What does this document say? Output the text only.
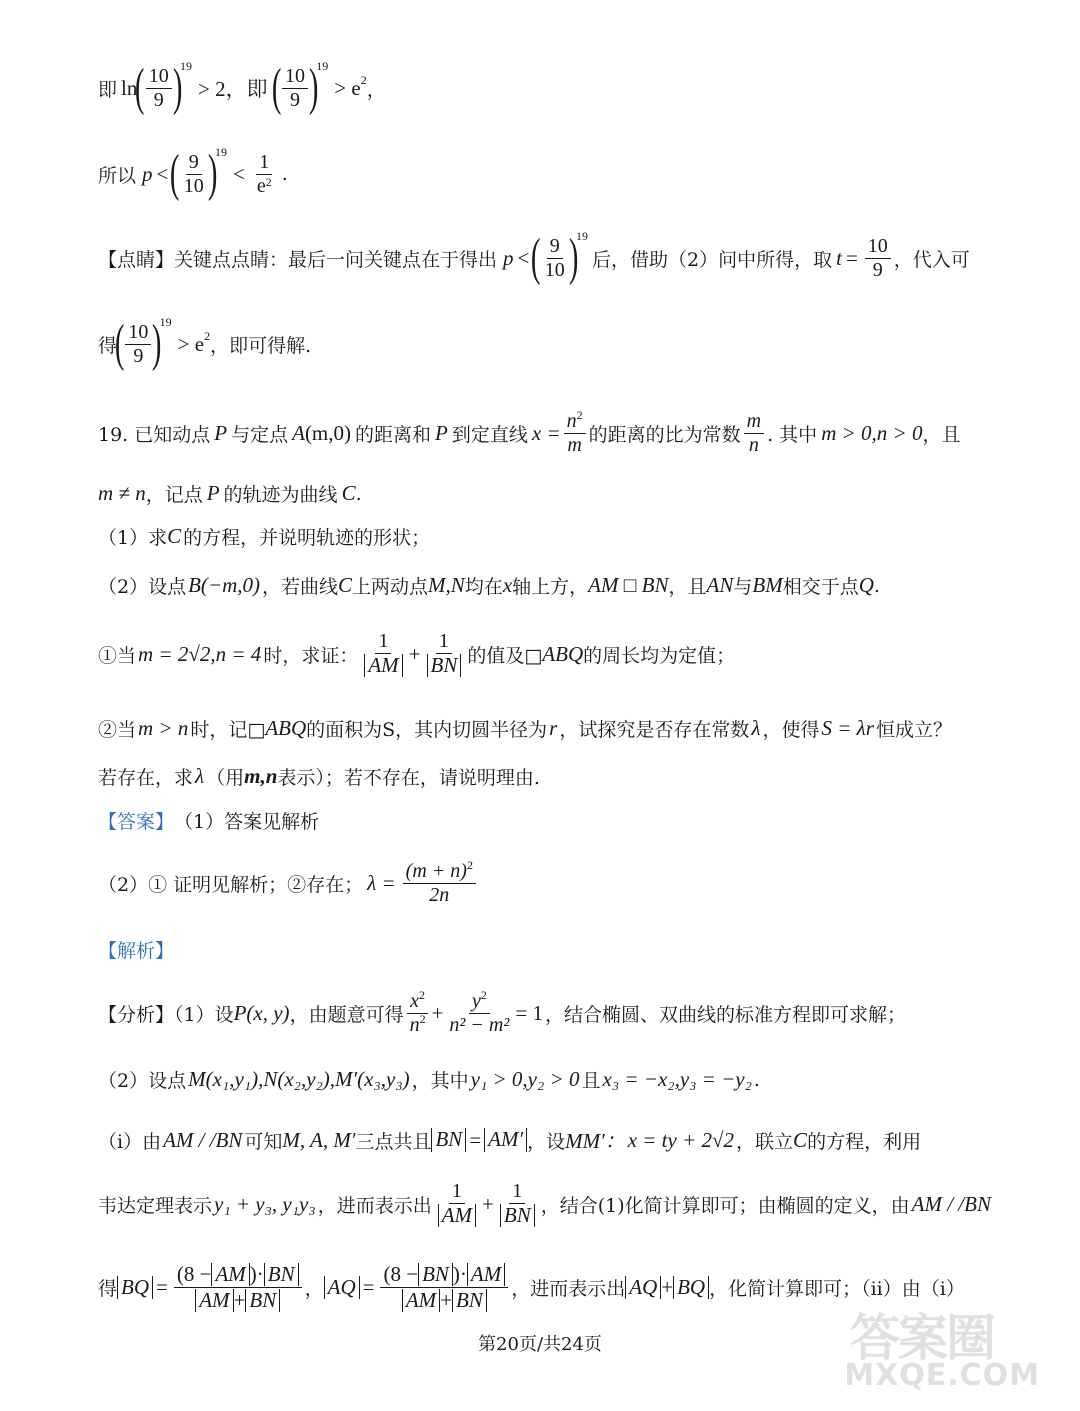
即 ln
( $\frac{10}{9}$ )
$^{19}$
> 2，即 ( $\frac{10}{9}$ )
$^{19}$
> $e^2$ ，
所以 p < ( $\frac{9}{10}$ )
$^{19}$
< $\frac{1}{e^2}$ .
【点睛】关键点点睛：最后一问关键点在于得出 p < ( $\frac{9}{10}$ )
$^{19}$
后，借助（2）问中所得，取 $t = \frac{10}{9}$ ，代入可
得
( $\frac{10}{9}$ )
$^{19}$
> $e^2$ ，即可得解.
19. 已知动点 P 与定点 A (m,0) 的距离和 P 到定直线 $x = \frac{n^2}{m}$ 的距离的比为常数 $\frac{m}{n}$ . 其中 m > 0,n > 0 ，且
m ≠ n ，记点 P 的轨迹为曲线 C .
（1）求 C 的方程，并说明轨迹的形状；
（2）设点 B(−m,0) ，若曲线 C 上两动点 M,N 均在 x 轴上方， AM □ BN ，且 AN 与 BM 相交于点 Q .
①当 m = 2√2,n = 4 时，求证： $\frac{1}{AM} + \frac{1}{BN}$ 的值及□ ABQ 的周长均为定值；
②当 m > n 时，记□ ABQ 的面积为S，其内切圆半径为 r ，试探究是否存在常数 λ ，使得 S = λr 恒成立？
若存在，求 λ （用 m,n 表示）；若不存在，请说明理由.
【答案】 （1）答案见解析
（2）① 证明见解析；②存在； $\lambda = \frac{(m + n)^2}{2n}$
【解析】
【分析】（1）设 P(x, y) ，由题意可得 $\frac{x^2}{n^2} + \frac{y^2}{\text{n² − m²}} = 1$ ，结合椭圆、双曲线的标准方程即可求解；
（2）设点 M(x₁,y₁),N(x₂,y₂),M′(x₃,y₃) ，其中 y₁ > 0,y₂ > 0 且 x₃ = −x₂,y₃ = −y₂ .
（i）由 AM / /BN 可知 M, A, M′ 三点共且 BN = AM′ ，设 MM′： x = ty + 2√2 ，联立 C 的方程，利用
韦达定理表示 y₁ + y₃, y₁y₃ ，进而表示出 $\frac{1}{AM} + \frac{1}{BN}$ ，结合(1)化简计算即可；由椭圆的定义，由 AM / /BN
得 BQ = $\frac{(8 - AM )\cdot BN}{AM + BN}$ ， AQ = $\frac{(8 - BN )\cdot AM}{AM + BN}$ ，进而表示出 AQ + BQ ，化简计算即可；（ii）由（i）
第20页/共24页	答案圈
MXQE.COM
